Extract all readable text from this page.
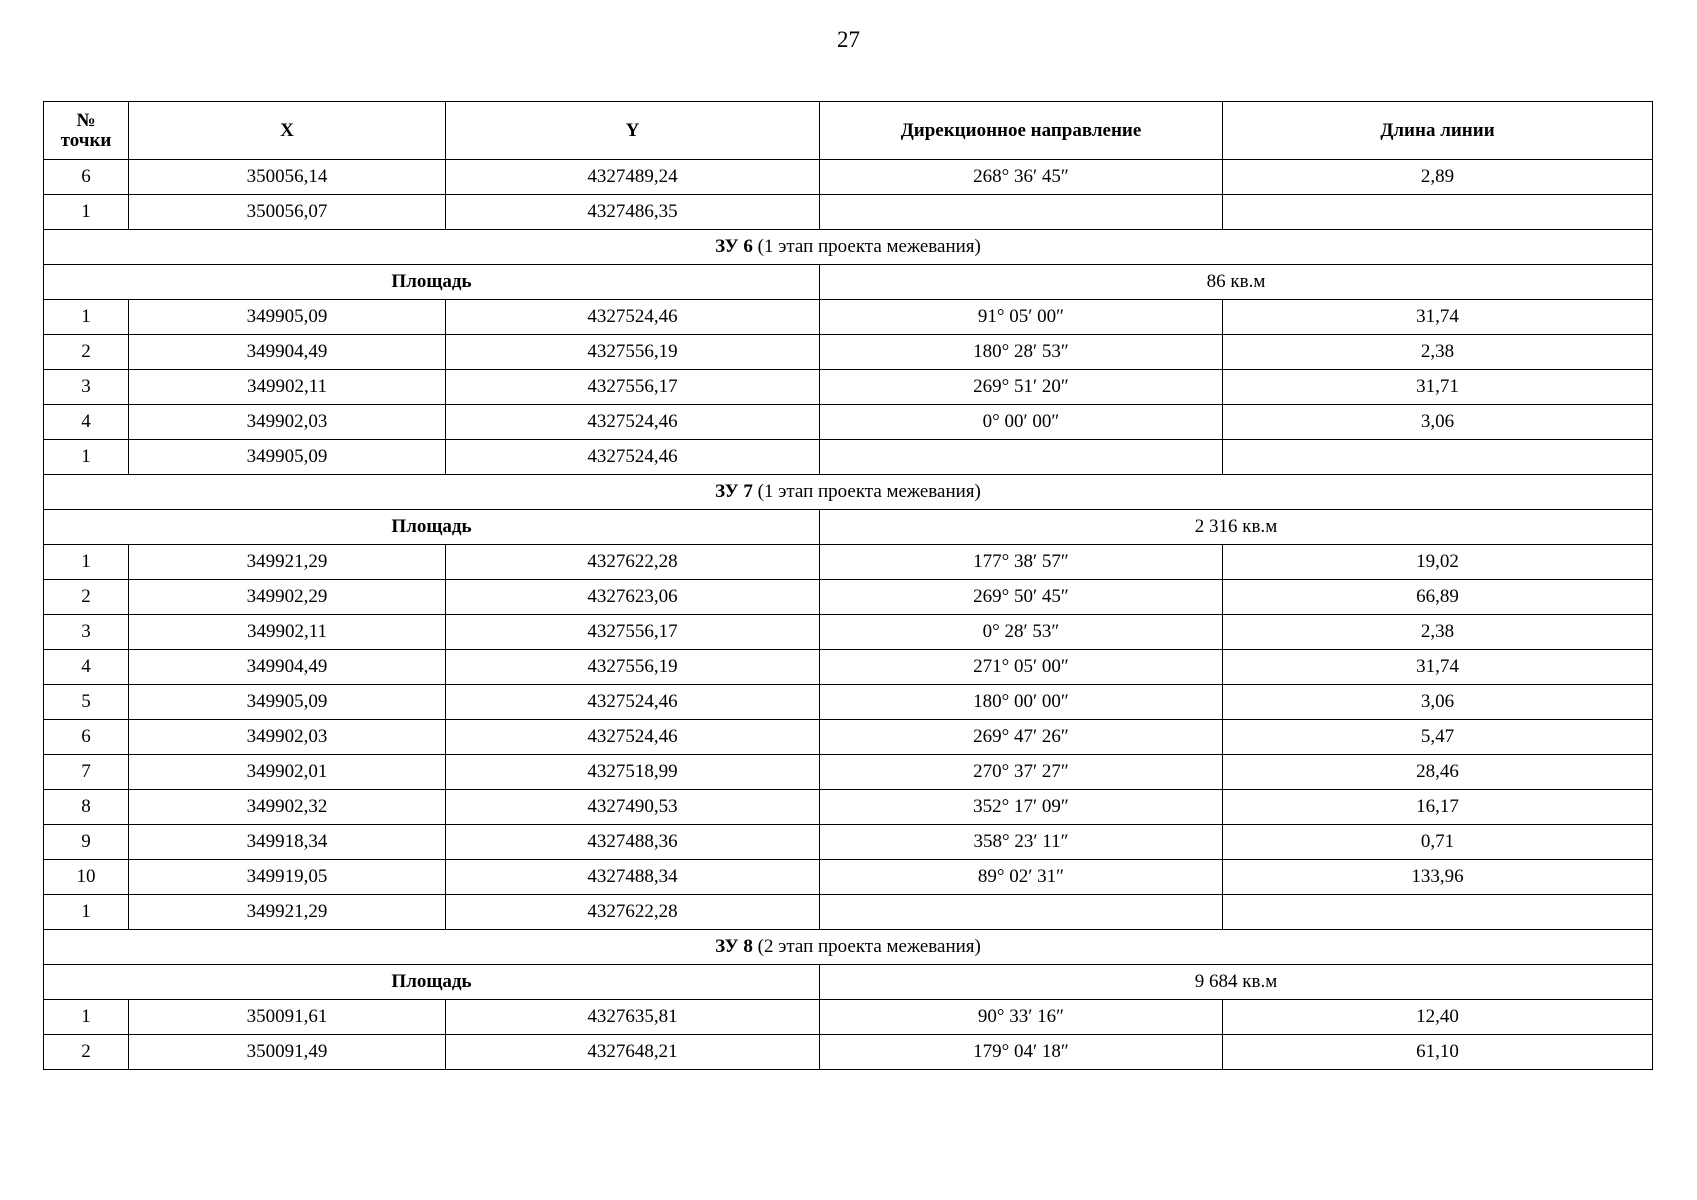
27
№
точки	X	Y	Дирекционное направление	Длина линии
6	350056,14	4327489,24	268° 36′ 45″	2,89
1	350056,07	4327486,35		
ЗУ 6 (1 этап проекта межевания)				
Площадь			86 кв.м	
1	349905,09	4327524,46	91° 05′ 00″	31,74
2	349904,49	4327556,19	180° 28′ 53″	2,38
3	349902,11	4327556,17	269° 51′ 20″	31,71
4	349902,03	4327524,46	0° 00′ 00″	3,06
1	349905,09	4327524,46		
ЗУ 7 (1 этап проекта межевания)				
Площадь			2 316 кв.м	
1	349921,29	4327622,28	177° 38′ 57″	19,02
2	349902,29	4327623,06	269° 50′ 45″	66,89
3	349902,11	4327556,17	0° 28′ 53″	2,38
4	349904,49	4327556,19	271° 05′ 00″	31,74
5	349905,09	4327524,46	180° 00′ 00″	3,06
6	349902,03	4327524,46	269° 47′ 26″	5,47
7	349902,01	4327518,99	270° 37′ 27″	28,46
8	349902,32	4327490,53	352° 17′ 09″	16,17
9	349918,34	4327488,36	358° 23′ 11″	0,71
10	349919,05	4327488,34	89° 02′ 31″	133,96
1	349921,29	4327622,28		
ЗУ 8 (2 этап проекта межевания)				
Площадь			9 684 кв.м	
1	350091,61	4327635,81	90° 33′ 16″	12,40
2	350091,49	4327648,21	179° 04′ 18″	61,10
